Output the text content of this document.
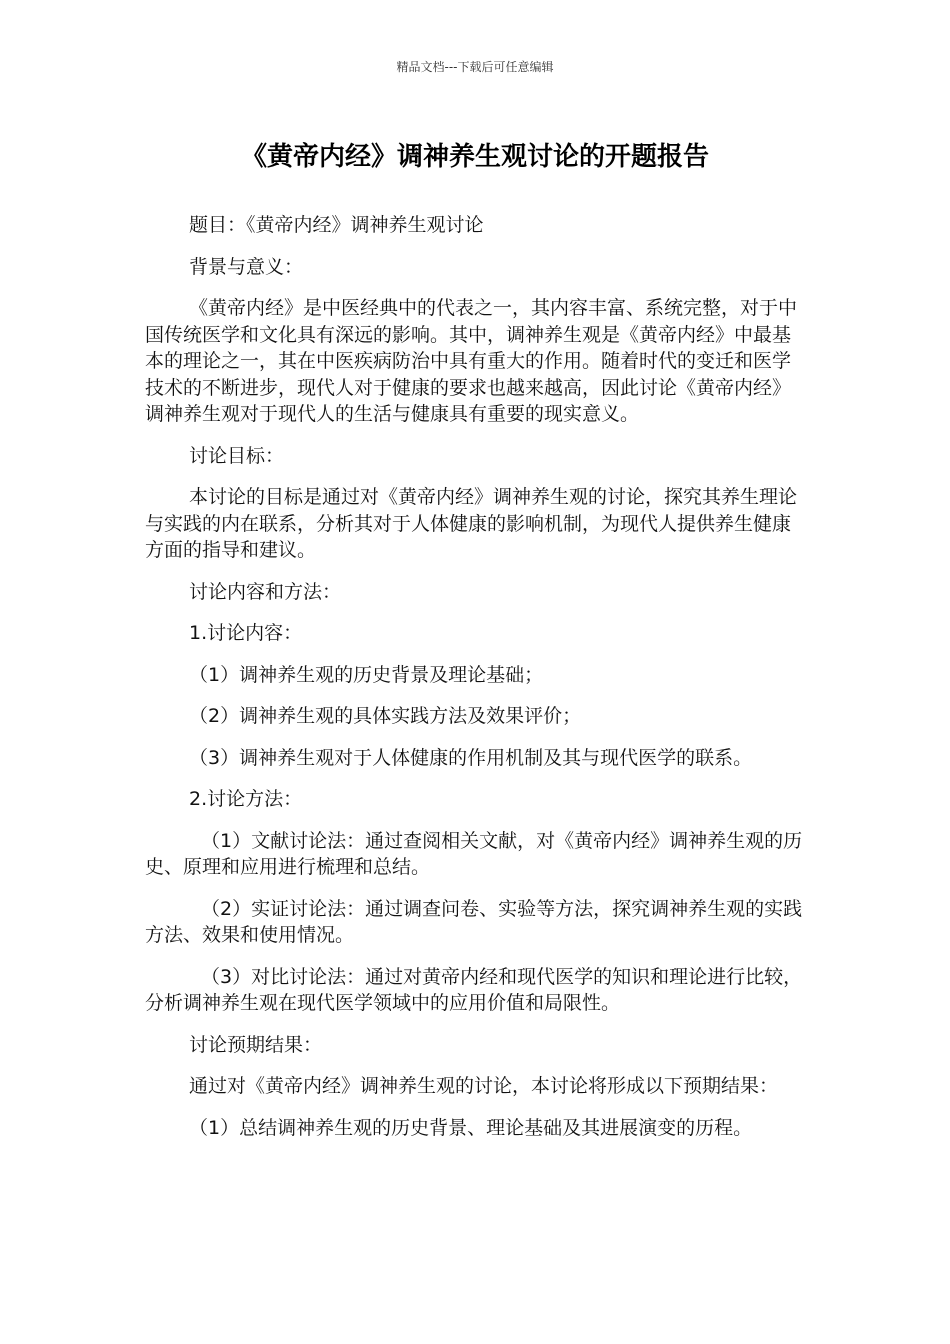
精品文档---下载后可任意编辑
《黄帝内经》调神养生观讨论的开题报告

题目：《黄帝内经》调神养生观讨论

背景与意义：

《黄帝内经》是中医经典中的代表之一，其内容丰富、系统完整，对于中国传统医学和文化具有深远的影响。其中，调神养生观是《黄帝内经》中最基本的理论之一，其在中医疾病防治中具有重大的作用。随着时代的变迁和医学技术的不断进步，现代人对于健康的要求也越来越高，因此讨论《黄帝内经》调神养生观对于现代人的生活与健康具有重要的现实意义。

讨论目标：

本讨论的目标是通过对《黄帝内经》调神养生观的讨论，探究其养生理论与实践的内在联系，分析其对于人体健康的影响机制，为现代人提供养生健康方面的指导和建议。

讨论内容和方法：

1.讨论内容：

（1）调神养生观的历史背景及理论基础；

（2）调神养生观的具体实践方法及效果评价；

（3）调神养生观对于人体健康的作用机制及其与现代医学的联系。

2.讨论方法：

（1）文献讨论法：通过查阅相关文献，对《黄帝内经》调神养生观的历史、原理和应用进行梳理和总结。

（2）实证讨论法：通过调查问卷、实验等方法，探究调神养生观的实践方法、效果和使用情况。

（3）对比讨论法：通过对黄帝内经和现代医学的知识和理论进行比较，分析调神养生观在现代医学领域中的应用价值和局限性。

讨论预期结果：

通过对《黄帝内经》调神养生观的讨论，本讨论将形成以下预期结果：

（1）总结调神养生观的历史背景、理论基础及其进展演变的历程。
